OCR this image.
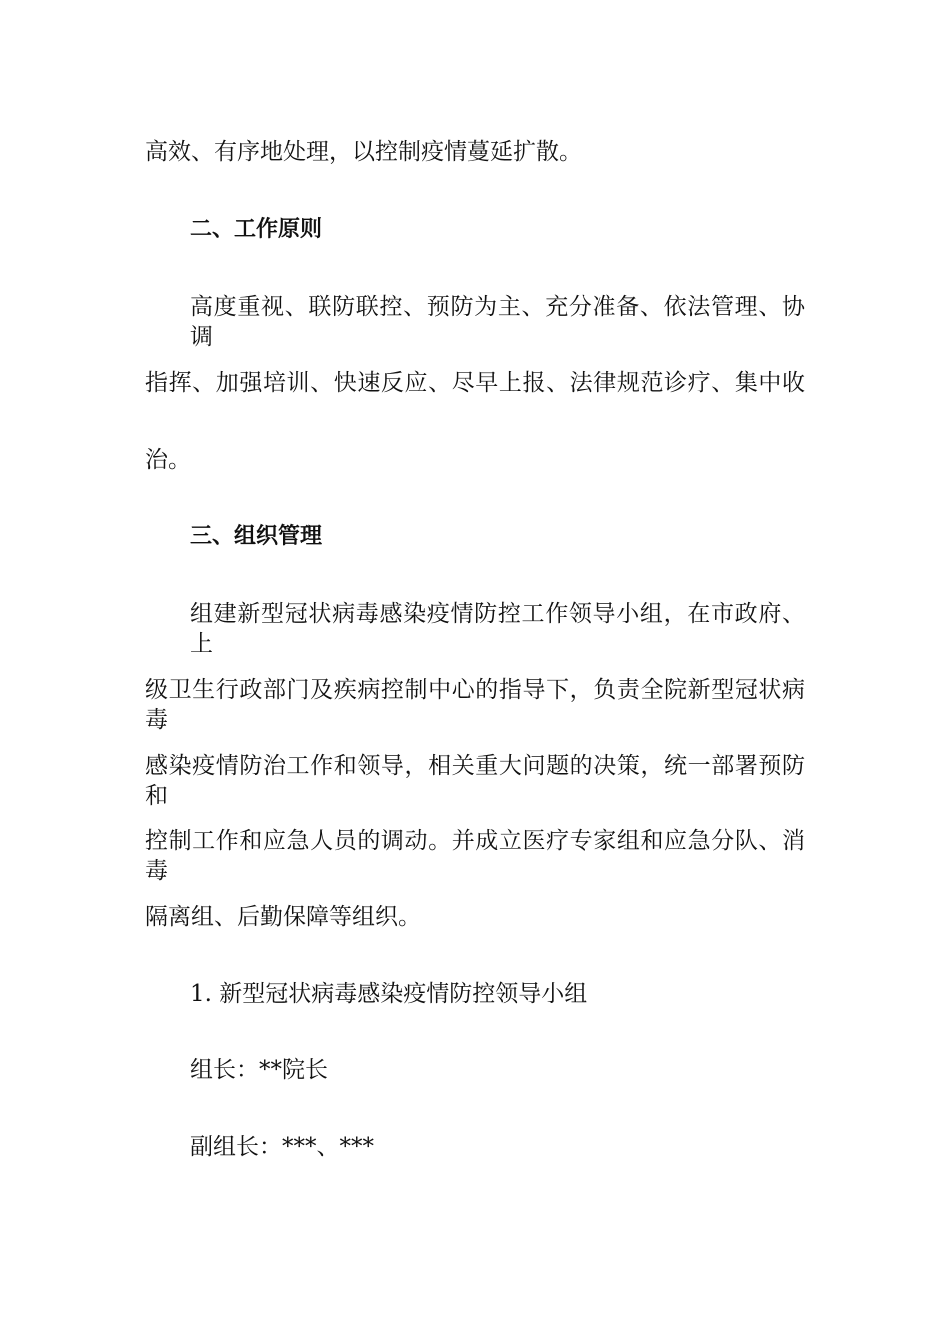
高效、有序地处理，以控制疫情蔓延扩散。

二、工作原则

高度重视、联防联控、预防为主、充分准备、依法管理、协调

指挥、加强培训、快速反应、尽早上报、法律规范诊疗、集中收

治。

三、组织管理

组建新型冠状病毒感染疫情防控工作领导小组，在市政府、上

级卫生行政部门及疾病控制中心的指导下，负责全院新型冠状病毒

感染疫情防治工作和领导，相关重大问题的决策，统一部署预防和

控制工作和应急人员的调动。并成立医疗专家组和应急分队、消毒

隔离组、后勤保障等组织。

1. 新型冠状病毒感染疫情防控领导小组

组长：**院长

副组长：***、***
